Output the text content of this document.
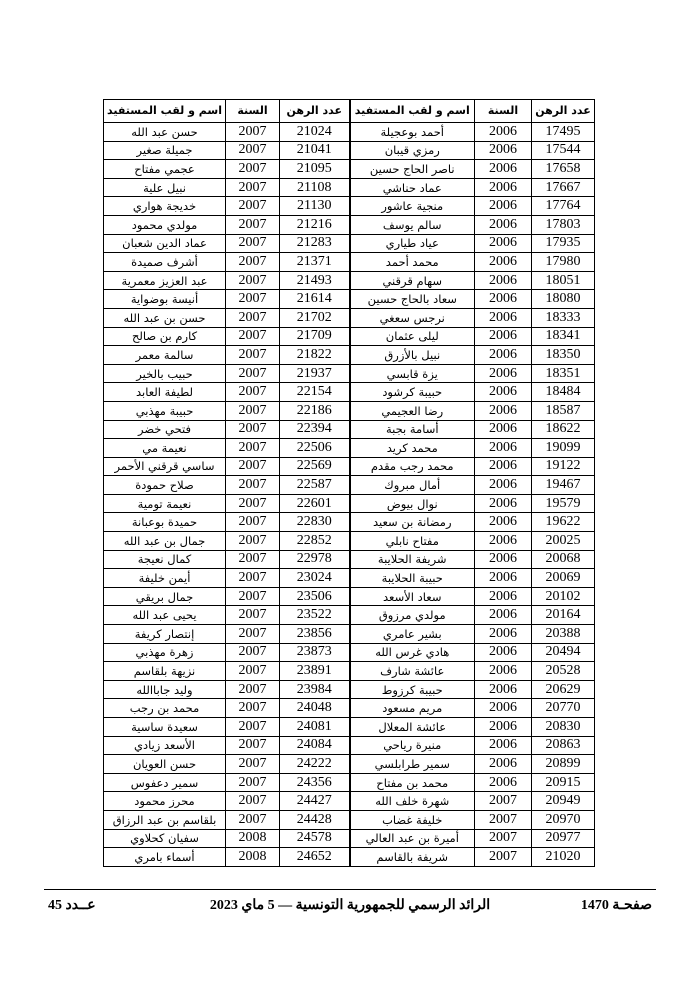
عدد الرهن	السنة	اسم و لقب المستفيد	عدد الرهن	السنة	اسم و لقب المستفيد
17495	2006	أحمد بوعجيلة	21024	2007	حسن عبد الله
17544	2006	رمزي قيبان	21041	2007	جميلة صغير
17658	2006	ناصر الحاج حسين	21095	2007	عجمي مفتاح
17667	2006	عماد حناشي	21108	2007	نبيل علية
17764	2006	منجية عاشور	21130	2007	خديجة هواري
17803	2006	سالم يوسف	21216	2007	مولدي محمود
17935	2006	عياد طياري	21283	2007	عماد الدين شعبان
17980	2006	محمد أحمد	21371	2007	أشرف صميدة
18051	2006	سهام قرقني	21493	2007	عبد العزيز معمرية
18080	2006	سعاد بالحاج حسين	21614	2007	أنيسة بوضواية
18333	2006	نرجس سعغي	21702	2007	حسن بن عبد الله
18341	2006	ليلى عثمان	21709	2007	كارم بن صالح
18350	2006	نبيل بالأزرق	21822	2007	سالمة معمر
18351	2006	يزة قابسي	21937	2007	حبيب بالخير
18484	2006	حبيبة كرشود	22154	2007	لطيفة العابد
18587	2006	رضا العجيمي	22186	2007	حبيبة مهذبي
18622	2006	أسامة بجبة	22394	2007	فتحي خضر
19099	2006	محمد كريد	22506	2007	نعيمة مي
19122	2006	محمد رجب مقدم	22569	2007	ساسي قرقني الأحمر
19467	2006	أمال مبروك	22587	2007	صلاح حمودة
19579	2006	نوال بيوض	22601	2007	نعيمة تومية
19622	2006	رمضانة بن سعيد	22830	2007	حميدة بوعبانة
20025	2006	مفتاح نابلي	22852	2007	جمال بن عبد الله
20068	2006	شريفة الحلايبة	22978	2007	كمال نعيجة
20069	2006	حبيبة الحلايبة	23024	2007	أيمن خليفة
20102	2006	سعاد الأسعد	23506	2007	جمال بريقي
20164	2006	مولدي مرزوق	23522	2007	يحيى عبد الله
20388	2006	بشير عامري	23856	2007	إنتصار كريفة
20494	2006	هادي غرس الله	23873	2007	زهرة مهذبي
20528	2006	عائشة شارف	23891	2007	نزيهة بلقاسم
20629	2006	حبيبة كرزوط	23984	2007	وليد جاباالله
20770	2006	مريم مسعود	24048	2007	محمد بن رجب
20830	2006	عائشة المعلال	24081	2007	سعيدة ساسية
20863	2006	منيرة رياحي	24084	2007	الأسعد زيادي
20899	2006	سمير طرابلسي	24222	2007	حسن العويان
20915	2006	محمد بن مفتاح	24356	2007	سمير دعفوس
20949	2007	شهرة خلف الله	24427	2007	محرز محمود
20970	2007	خليفة غضاب	24428	2007	بلقاسم بن عبد الرزاق
20977	2007	أميرة بن عبد العالي	24578	2008	سفيان كحلاوي
21020	2007	شريفة بالقاسم	24652	2008	أسماء بامري
صفحـة 1470
الرائد الرسمي للجمهورية التونسية — 5 ماي 2023
عــدد 45
